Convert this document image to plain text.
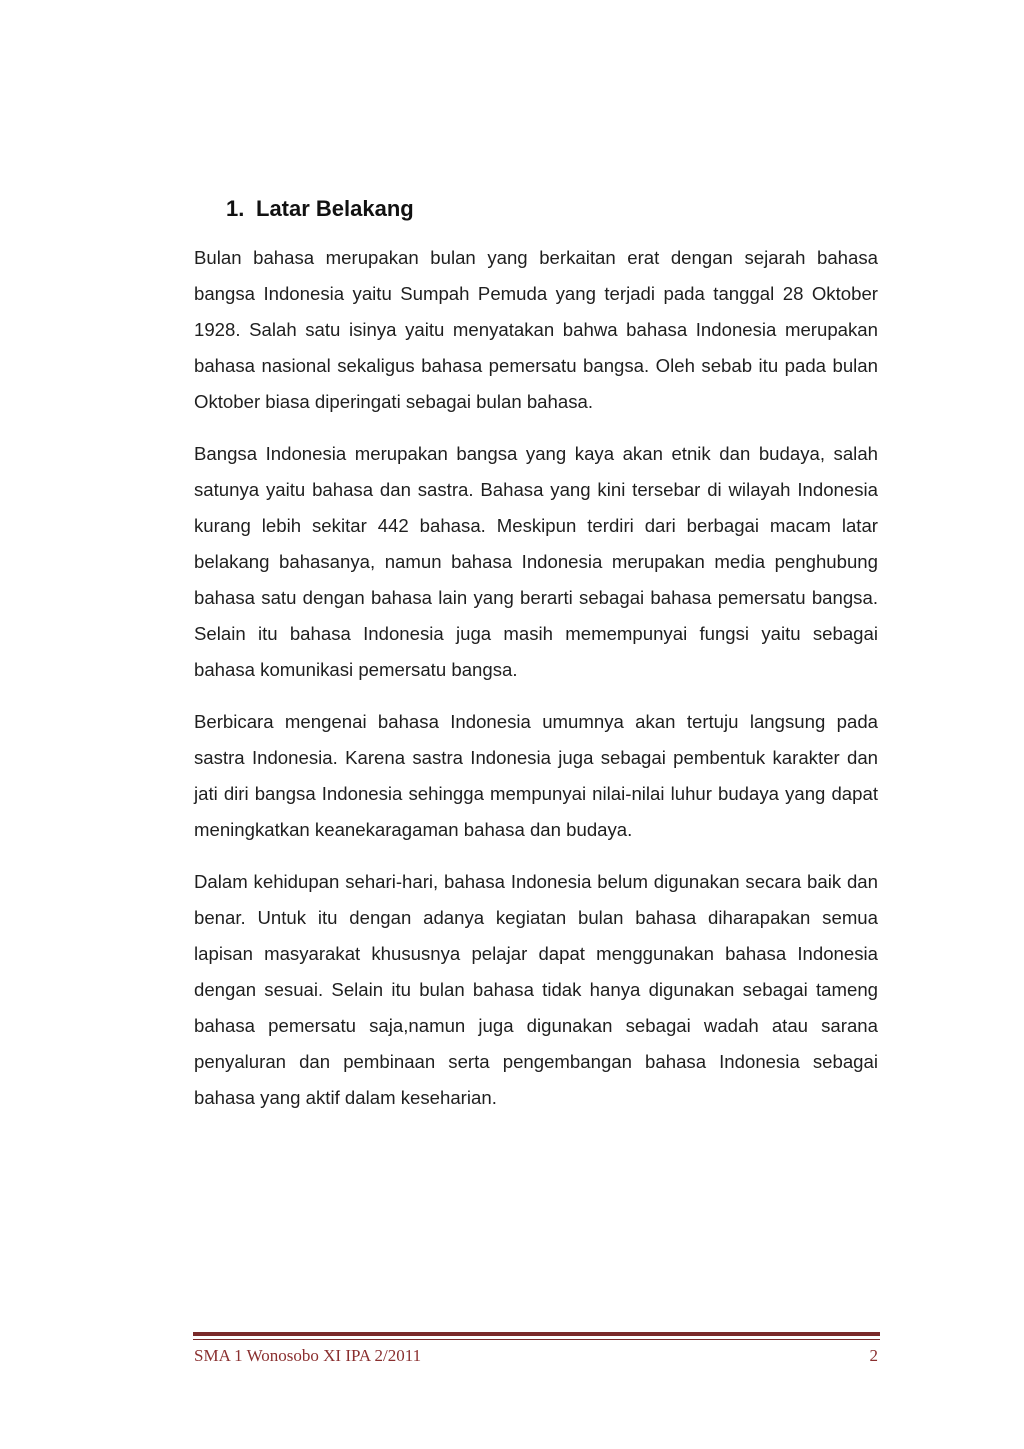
1. Latar Belakang

Bulan bahasa merupakan bulan yang berkaitan erat dengan sejarah bahasa bangsa Indonesia yaitu Sumpah Pemuda yang terjadi pada tanggal 28 Oktober 1928. Salah satu isinya yaitu menyatakan bahwa bahasa Indonesia merupakan bahasa nasional sekaligus bahasa pemersatu bangsa. Oleh sebab itu pada bulan Oktober biasa diperingati sebagai bulan bahasa.

Bangsa Indonesia merupakan bangsa yang kaya akan etnik dan budaya, salah satunya yaitu bahasa dan sastra. Bahasa yang kini tersebar di wilayah Indonesia kurang lebih sekitar 442 bahasa. Meskipun terdiri dari berbagai macam latar belakang bahasanya, namun bahasa Indonesia merupakan media penghubung bahasa satu dengan bahasa lain yang berarti sebagai bahasa pemersatu bangsa. Selain itu bahasa Indonesia juga masih memempunyai fungsi yaitu sebagai bahasa komunikasi pemersatu bangsa.

Berbicara mengenai bahasa Indonesia umumnya akan tertuju langsung pada sastra Indonesia. Karena sastra Indonesia juga sebagai pembentuk karakter dan jati diri bangsa Indonesia sehingga mempunyai nilai-nilai luhur budaya yang dapat meningkatkan keanekaragaman bahasa dan budaya.

Dalam kehidupan sehari-hari, bahasa Indonesia belum digunakan secara baik dan benar. Untuk itu dengan adanya kegiatan bulan bahasa diharapakan semua lapisan masyarakat khususnya pelajar dapat menggunakan bahasa Indonesia dengan sesuai. Selain itu bulan bahasa tidak hanya digunakan sebagai tameng bahasa pemersatu saja,namun juga digunakan sebagai wadah atau sarana penyaluran dan pembinaan serta pengembangan bahasa Indonesia sebagai bahasa yang aktif dalam keseharian.

SMA 1 Wonosobo XI IPA 2/2011	2
